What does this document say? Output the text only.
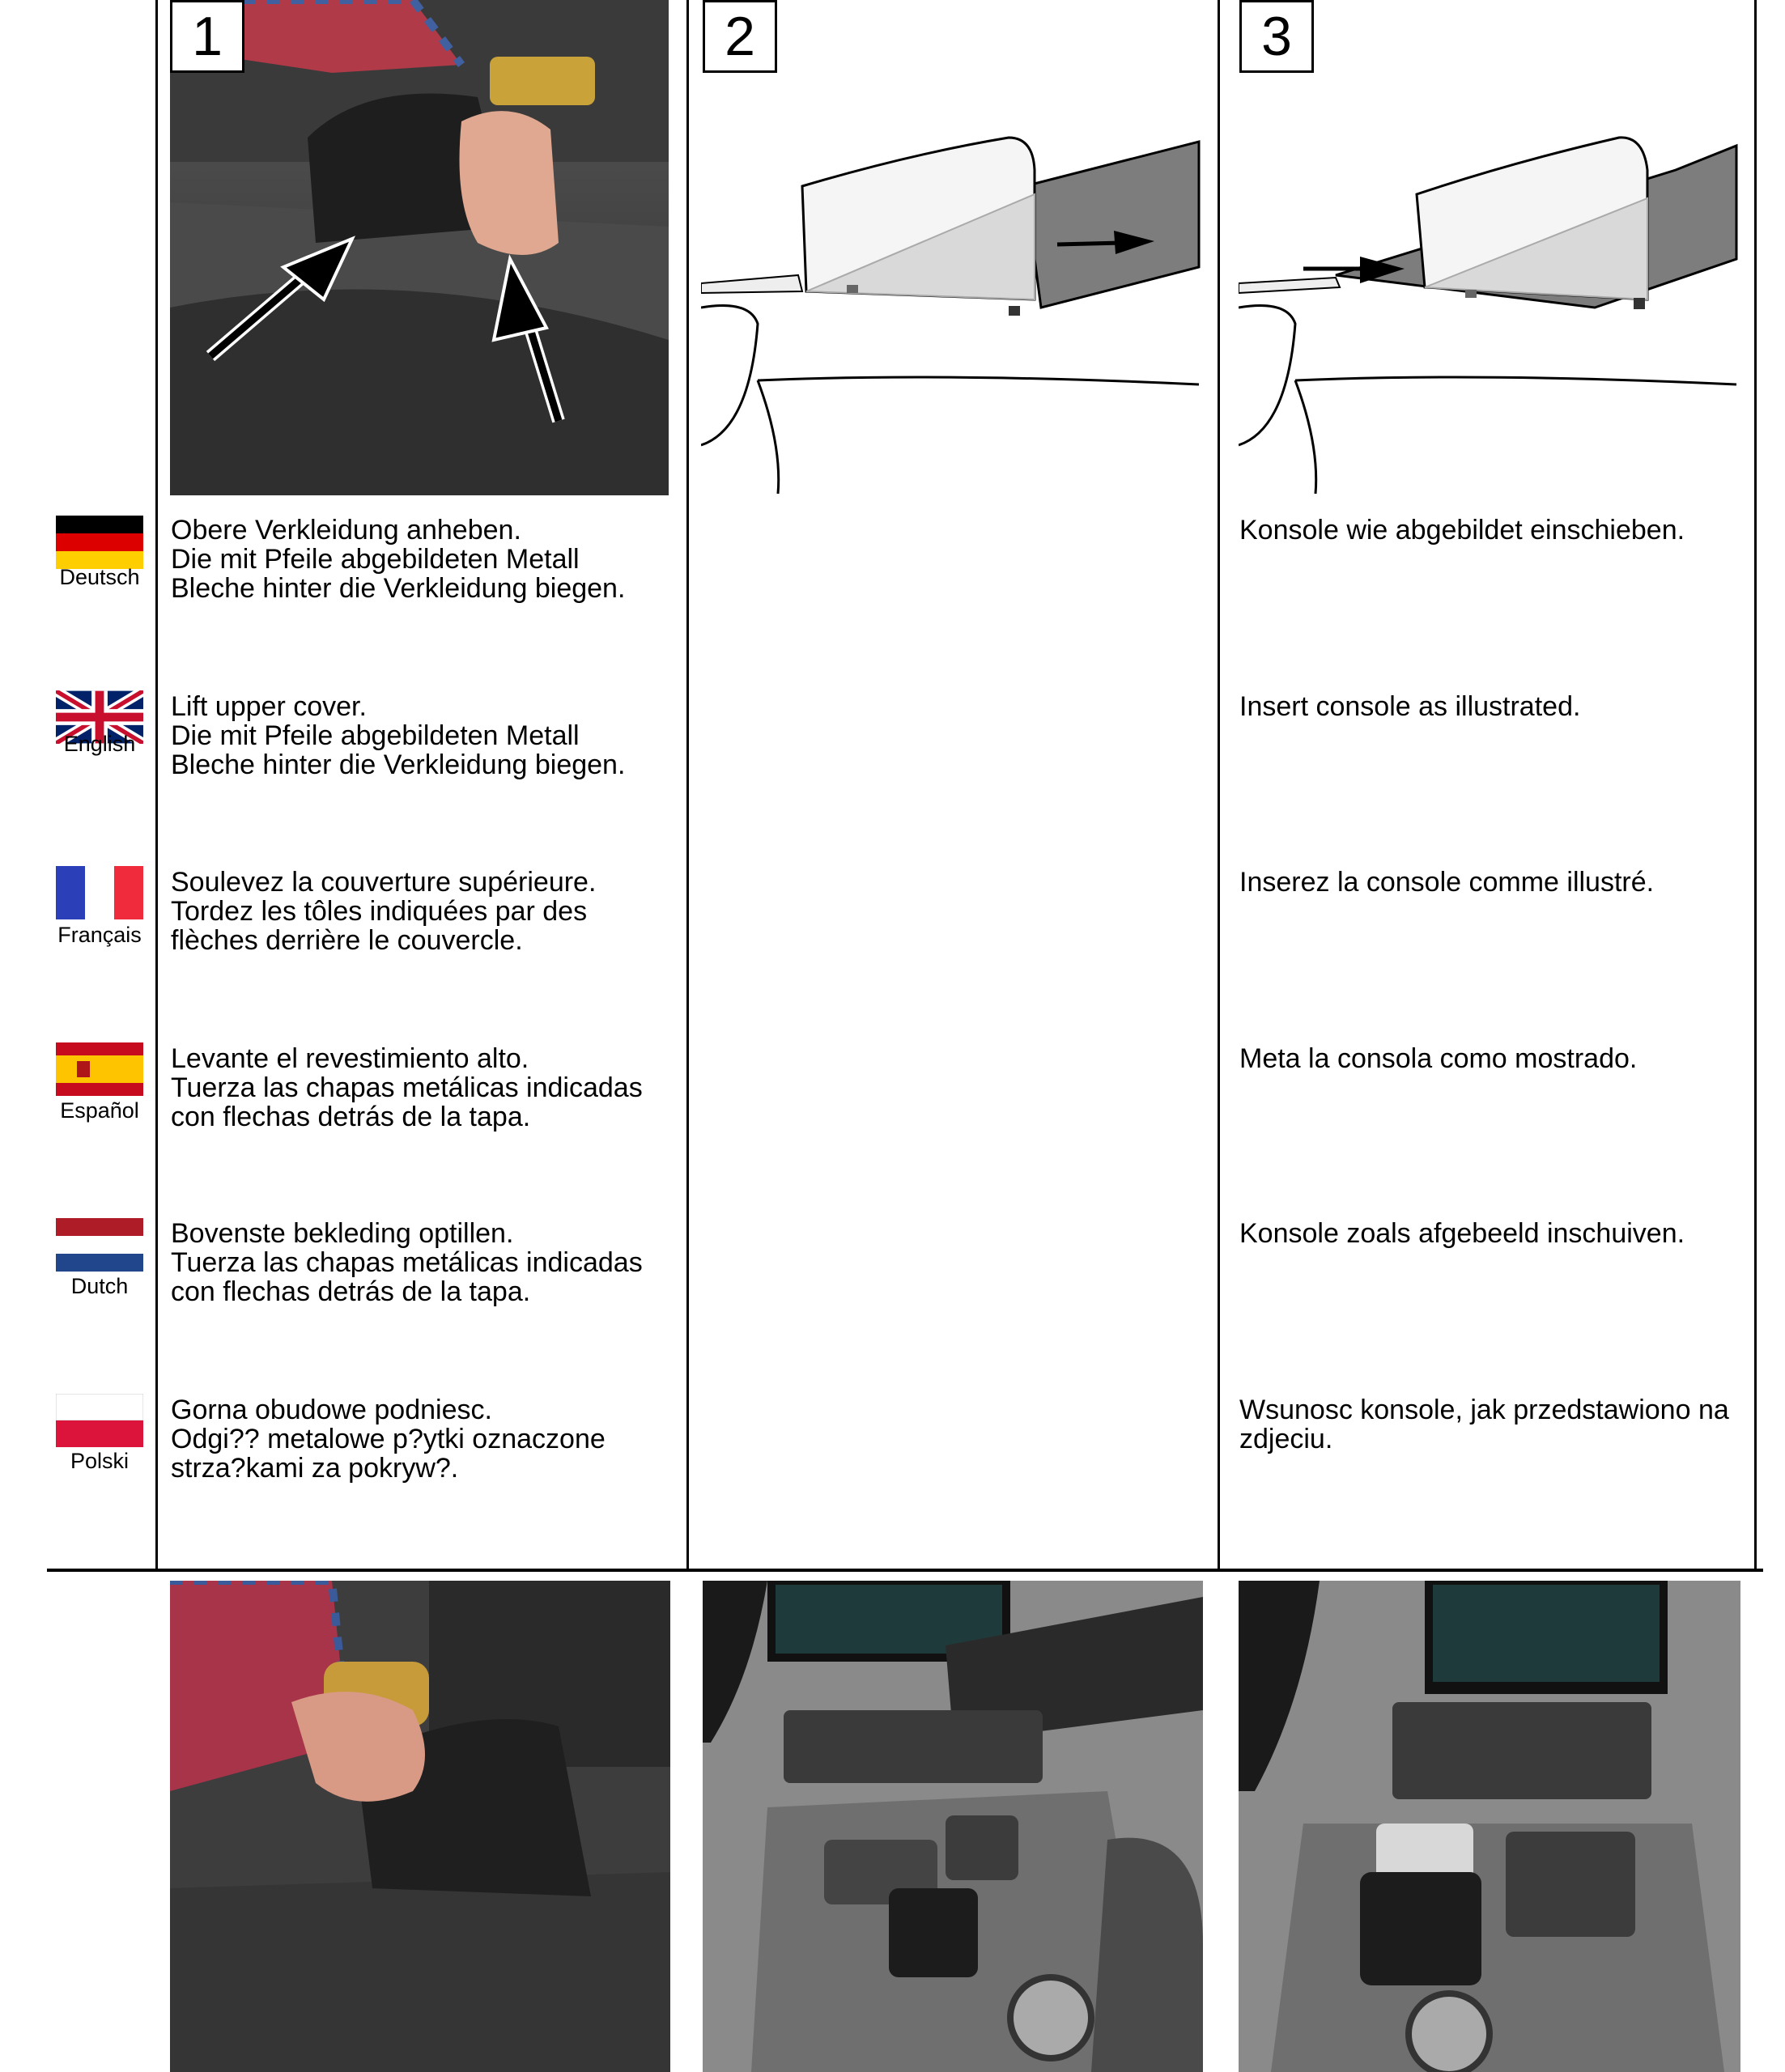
1	2	3
Deutsch
Obere Verkleidung anheben.
Die mit Pfeile abgebildeten Metall
Bleche hinter die Verkleidung biegen.
Konsole wie abgebildet einschieben.
English
Lift upper cover.
Die mit Pfeile abgebildeten Metall
Bleche hinter die Verkleidung biegen.
Insert console as illustrated.
Français
Soulevez la couverture supérieure.
Tordez les tôles indiquées par des
flèches derrière le couvercle.
Inserez la console comme illustré.
Español
Levante el revestimiento alto.
Tuerza las chapas metálicas indicadas
con flechas detrás de la tapa.
Meta la consola como mostrado.
Dutch
Bovenste bekleding optillen.
Tuerza las chapas metálicas indicadas
con flechas detrás de la tapa.
Konsole zoals afgebeeld inschuiven.
Polski
Gorna obudowe podniesc.
Odgi?? metalowe p?ytki oznaczone
strza?kami za pokryw?.
Wsunosc konsole, jak przedstawiono na
zdjeciu.
